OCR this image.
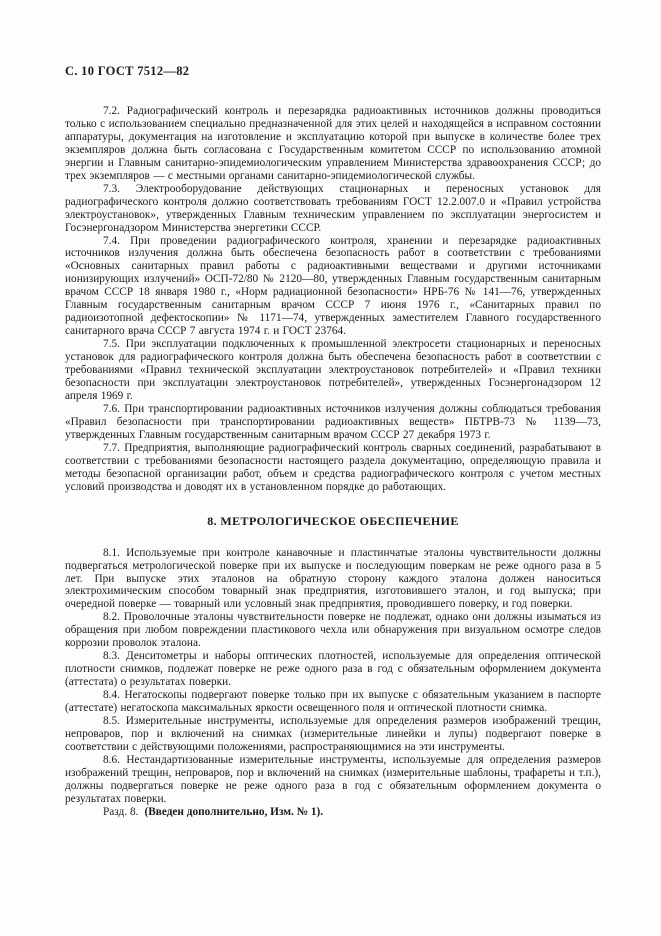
С. 10 ГОСТ 7512—82

7.2. Радиографический контроль и перезарядка радиоактивных источников должны проводиться только с использованием специально предназначенной для этих целей и находящейся в исправном состоянии аппаратуры, документация на изготовление и эксплуатацию которой при выпуске в количестве более трех экземпляров должна быть согласована с Государственным комитетом СССР по использованию атомной энергии и Главным санитарно-эпидемиологическим управлением Министерства здравоохранения СССР; до трех экземпляров — с местными органами санитарно-эпидемиологической службы.

7.3. Электрооборудование действующих стационарных и переносных установок для радиографического контроля должно соответствовать требованиям ГОСТ 12.2.007.0 и «Правил устройства электроустановок», утвержденных Главным техническим управлением по эксплуатации энергосистем и Госэнергонадзором Министерства энергетики СССР.

7.4. При проведении радиографического контроля, хранении и перезарядке радиоактивных источников излучения должна быть обеспечена безопасность работ в соответствии с требованиями «Основных санитарных правил работы с радиоактивными веществами и другими источниками ионизирующих излучений» ОСП-72/80 № 2120—80, утвержденных Главным государственным санитарным врачом СССР 18 января 1980 г., «Норм радиационной безопасности» НРБ-76 № 141—76, утвержденных Главным государственным санитарным врачом СССР 7 июня 1976 г., «Санитарных правил по радиоизотопной дефектоскопии» № 1171—74, утвержденных заместителем Главного государственного санитарного врача СССР 7 августа 1974 г. и ГОСТ 23764.

7.5. При эксплуатации подключенных к промышленной электросети стационарных и переносных установок для радиографического контроля должна быть обеспечена безопасность работ в соответствии с требованиями «Правил технической эксплуатации электроустановок потребителей» и «Правил техники безопасности при эксплуатации электроустановок потребителей», утвержденных Госэнергонадзором 12 апреля 1969 г.

7.6. При транспортировании радиоактивных источников излучения должны соблюдаться требования «Правил безопасности при транспортировании радиоактивных веществ» ПБТРВ-73 № 1139—73, утвержденных Главным государственным санитарным врачом СССР 27 декабря 1973 г.

7.7. Предприятия, выполняющие радиографический контроль сварных соединений, разрабатывают в соответствии с требованиями безопасности настоящего раздела документацию, определяющую правила и методы безопасной организации работ, объем и средства радиографического контроля с учетом местных условий производства и доводят их в установленном порядке до работающих.

8. МЕТРОЛОГИЧЕСКОЕ ОБЕСПЕЧЕНИЕ

8.1. Используемые при контроле канавочные и пластинчатые эталоны чувствительности должны подвергаться метрологической поверке при их выпуске и последующим поверкам не реже одного раза в 5 лет. При выпуске этих эталонов на обратную сторону каждого эталона должен наноситься электрохимическим способом товарный знак предприятия, изготовившего эталон, и год выпуска; при очередной поверке — товарный или условный знак предприятия, проводившего поверку, и год поверки.

8.2. Проволочные эталоны чувствительности поверке не подлежат, однако они должны изыматься из обращения при любом повреждении пластикового чехла или обнаружения при визуальном осмотре следов коррозии проволок эталона.

8.3. Денситометры и наборы оптических плотностей, используемые для определения оптической плотности снимков, подлежат поверке не реже одного раза в год с обязательным оформлением документа (аттестата) о результатах поверки.

8.4. Негатоскопы подвергают поверке только при их выпуске с обязательным указанием в паспорте (аттестате) негатоскопа максимальных яркости освещенного поля и оптической плотности снимка.

8.5. Измерительные инструменты, используемые для определения размеров изображений трещин, непроваров, пор и включений на снимках (измерительные линейки и лупы) подвергают поверке в соответствии с действующими положениями, распространяющимися на эти инструменты.

8.6. Нестандартизованные измерительные инструменты, используемые для определения размеров изображений трещин, непроваров, пор и включений на снимках (измерительные шаблоны, трафареты и т.п.), должны подвергаться поверке не реже одного раза в год с обязательным оформлением документа о результатах поверки.

Разд. 8. (Введен дополнительно, Изм. № 1).
